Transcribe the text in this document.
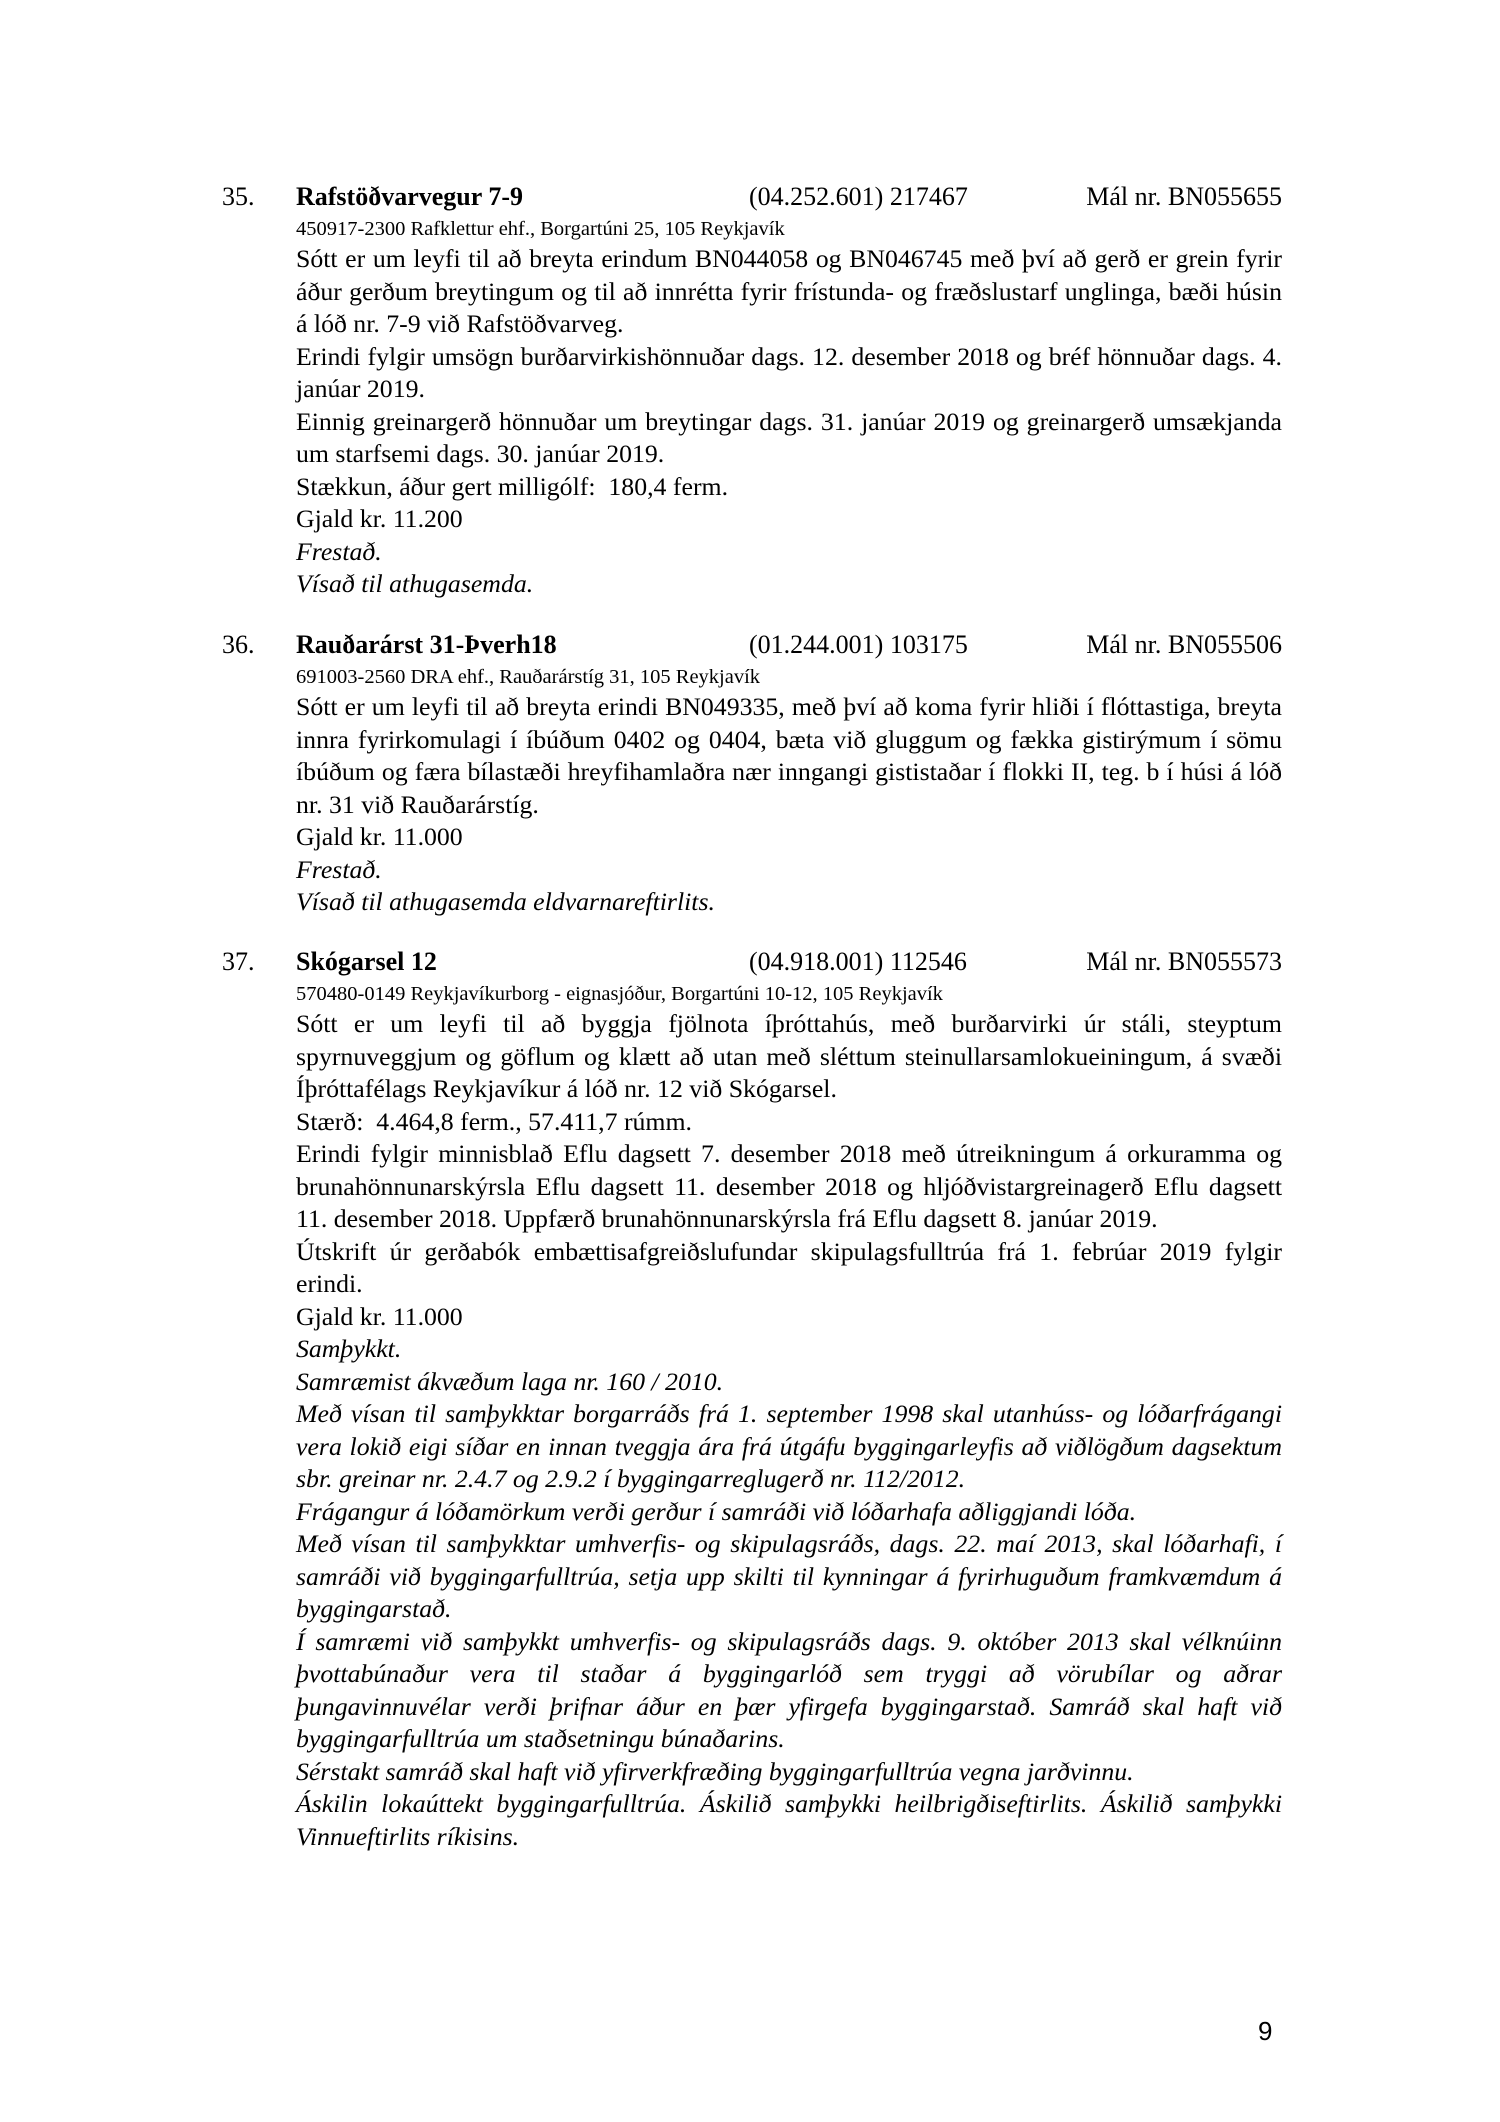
35. Rafstöðvarvegur 7-9	(04.252.601) 217467	Mál nr. BN055655
450917-2300 Rafklettur ehf., Borgartúni 25, 105 Reykjavík

Sótt er um leyfi til að breyta erindum BN044058 og BN046745 með því að gerð er grein fyrir áður gerðum breytingum og til að innrétta fyrir frístunda- og fræðslustarf unglinga, bæði húsin á lóð nr. 7-9 við Rafstöðvarveg.

Erindi fylgir umsögn burðarvirkishönnuðar dags. 12. desember 2018 og bréf hönnuðar dags. 4. janúar 2019.

Einnig greinargerð hönnuðar um breytingar dags. 31. janúar 2019 og greinargerð umsækjanda um starfsemi dags. 30. janúar 2019.

Stækkun, áður gert milligólf:  180,4 ferm.

Gjald kr. 11.200

Frestað.

Vísað til athugasemda.

36. Rauðarárst 31-Þverh18	(01.244.001) 103175	Mál nr. BN055506
691003-2560 DRA ehf., Rauðarárstíg 31, 105 Reykjavík

Sótt er um leyfi til að breyta erindi BN049335, með því að koma fyrir hliði í flóttastiga, breyta innra fyrirkomulagi í íbúðum 0402 og 0404, bæta við gluggum og fækka gistirýmum í sömu íbúðum og færa bílastæði hreyfihamlaðra nær inngangi gististaðar í flokki II, teg. b í húsi á lóð nr. 31 við Rauðarárstíg.

Gjald kr. 11.000

Frestað.

Vísað til athugasemda eldvarnareftirlits.

37. Skógarsel 12	(04.918.001) 112546	Mál nr. BN055573
570480-0149 Reykjavíkurborg - eignasjóður, Borgartúni 10-12, 105 Reykjavík

Sótt er um leyfi til að byggja fjölnota íþróttahús, með burðarvirki úr stáli, steyptum spyrnuveggjum og göflum og klætt að utan með sléttum steinullarsamlokueiningum, á svæði Íþróttafélags Reykjavíkur á lóð nr. 12 við Skógarsel.

Stærð:  4.464,8 ferm., 57.411,7 rúmm.

Erindi fylgir minnisblað Eflu dagsett 7. desember 2018 með útreikningum á orkuramma og brunahönnunarskýrsla Eflu dagsett 11. desember 2018 og hljóðvistargreinagerð Eflu dagsett 11. desember 2018. Uppfærð brunahönnunarskýrsla frá Eflu dagsett 8. janúar 2019.

Útskrift úr gerðabók embættisafgreiðslufundar skipulagsfulltrúa frá 1. febrúar 2019 fylgir erindi.

Gjald kr. 11.000

Samþykkt.

Samræmist ákvæðum laga nr. 160 / 2010.

Með vísan til samþykktar borgarráðs frá 1. september 1998 skal utanhúss- og lóðarfrágangi vera lokið eigi síðar en innan tveggja ára frá útgáfu byggingarleyfis að viðlögðum dagsektum sbr. greinar nr. 2.4.7 og 2.9.2 í byggingarreglugerð nr. 112/2012.

Frágangur á lóðamörkum verði gerður í samráði við lóðarhafa aðliggjandi lóða.

Með vísan til samþykktar umhverfis- og skipulagsráðs, dags. 22. maí 2013, skal lóðarhafi, í samráði við byggingarfulltrúa, setja upp skilti til kynningar á fyrirhuguðum framkvæmdum á byggingarstað.

Í samræmi við samþykkt umhverfis- og skipulagsráðs dags. 9. október 2013 skal vélknúinn þvottabúnaður vera til staðar á byggingarlóð sem tryggi að vörubílar og aðrar þungavinnuvélar verði þrifnar áður en þær yfirgefa byggingarstað. Samráð skal haft við byggingarfulltrúa um staðsetningu búnaðarins.

Sérstakt samráð skal haft við yfirverkfræðing byggingarfulltrúa vegna jarðvinnu.

Áskilin lokaúttekt byggingarfulltrúa. Áskilið samþykki heilbrigðiseftirlits. Áskilið samþykki Vinnueftirlits ríkisins.

9
